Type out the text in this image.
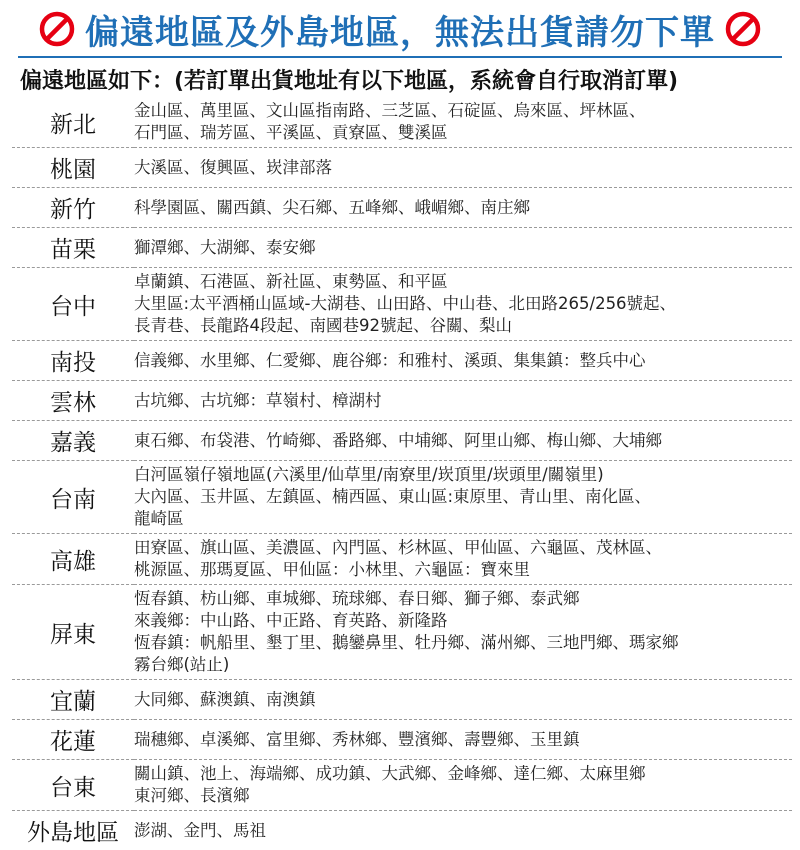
偏遠地區及外島地區，無法出貨請勿下單
偏遠地區如下：(若訂單出貨地址有以下地區，系統會自行取消訂單)
新北	金山區、萬里區、文山區指南路、三芝區、石碇區、烏來區、坪林區、
石門區、瑞芳區、平溪區、貢寮區、雙溪區

桃園	大溪區、復興區、崁津部落

新竹	科學園區、關西鎮、尖石鄉、五峰鄉、峨嵋鄉、南庄鄉

苗栗	獅潭鄉、大湖鄉、泰安鄉

台中	卓蘭鎮、石港區、新社區、東勢區、和平區
大里區:太平酒桶山區域-大湖巷、山田路、中山巷、北田路265/256號起、
長青巷、長龍路4段起、南國巷92號起、谷關、梨山

南投	信義鄉、水里鄉、仁愛鄉、鹿谷鄉：和雅村、溪頭、集集鎮：整兵中心

雲林	古坑鄉、古坑鄉：草嶺村、樟湖村

嘉義	東石鄉、布袋港、竹崎鄉、番路鄉、中埔鄉、阿里山鄉、梅山鄉、大埔鄉

台南	白河區嶺仔嶺地區(六溪里/仙草里/南寮里/崁頂里/崁頭里/關嶺里)
大內區、玉井區、左鎮區、楠西區、東山區:東原里、青山里、南化區、
龍崎區

高雄	田寮區、旗山區、美濃區、內門區、杉林區、甲仙區、六龜區、茂林區、
桃源區、那瑪夏區、甲仙區：小林里、六龜區：寶來里

屏東	恆春鎮、枋山鄉、車城鄉、琉球鄉、春日鄉、獅子鄉、泰武鄉
來義鄉：中山路、中正路、育英路、新隆路
恆春鎮：帆船里、墾丁里、鵝鑾鼻里、牡丹鄉、滿州鄉、三地門鄉、瑪家鄉
霧台鄉(站止)

宜蘭	大同鄉、蘇澳鎮、南澳鎮

花蓮	瑞穗鄉、卓溪鄉、富里鄉、秀林鄉、豐濱鄉、壽豐鄉、玉里鎮

台東	關山鎮、池上、海端鄉、成功鎮、大武鄉、金峰鄉、達仁鄉、太麻里鄉
東河鄉、長濱鄉

外島地區	澎湖、金門、馬祖
